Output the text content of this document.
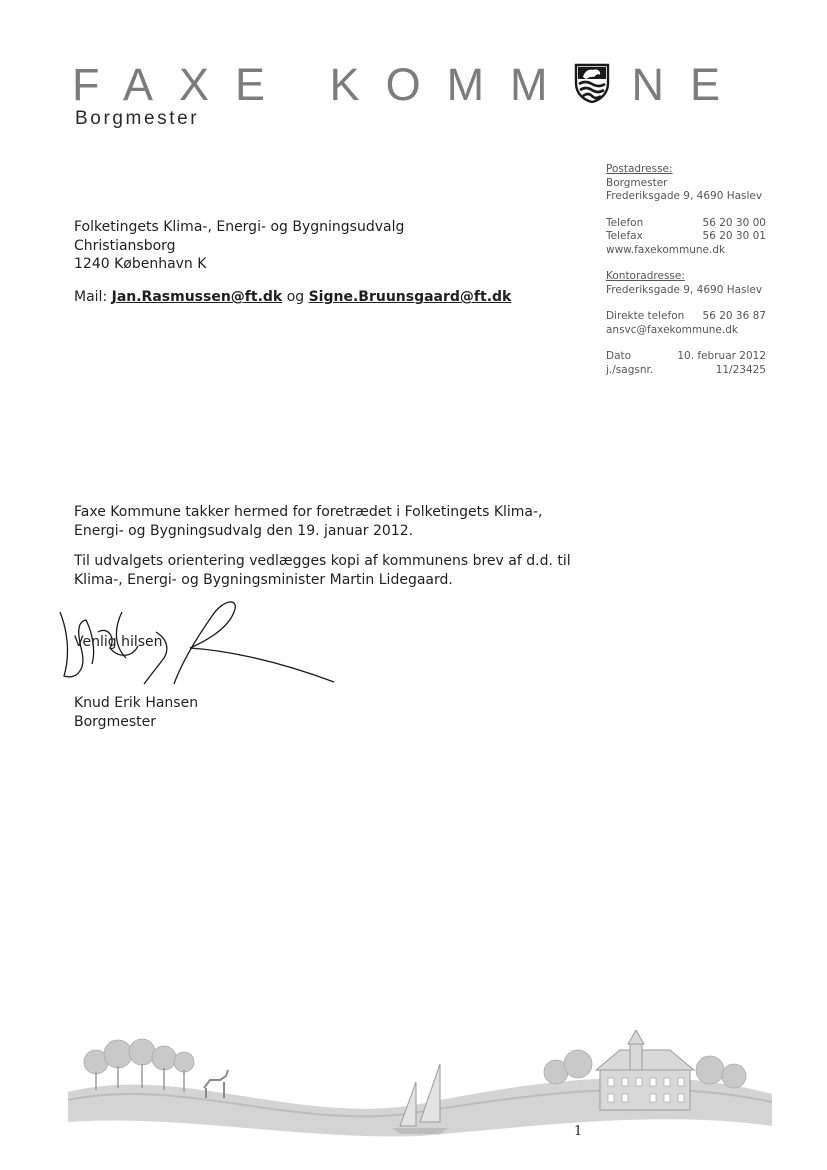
FAXE KOMM NE
Borgmester
Postadresse:
Borgmester
Frederiksgade 9, 4690 Haslev
Telefon	56 20 30 00
Telefax	56 20 30 01
www.faxekommune.dk
Kontoradresse:
Frederiksgade 9, 4690 Haslev
Direkte telefon 56 20 36 87
ansvc@faxekommune.dk
Dato	10. februar 2012
j./sagsnr.	11/23425
Folketingets Klima-, Energi- og Bygningsudvalg
Christiansborg
1240 København K
Mail: Jan.Rasmussen@ft.dk og Signe.Bruunsgaard@ft.dk

Faxe Kommune takker hermed for foretrædet i Folketingets Klima-, Energi- og Bygningsudvalg den 19. januar 2012.

Til udvalgets orientering vedlægges kopi af kommunens brev af d.d. til Klima-, Energi- og Bygningsminister Martin Lidegaard.

Venlig hilsen
Knud Erik Hansen
Borgmester
1
